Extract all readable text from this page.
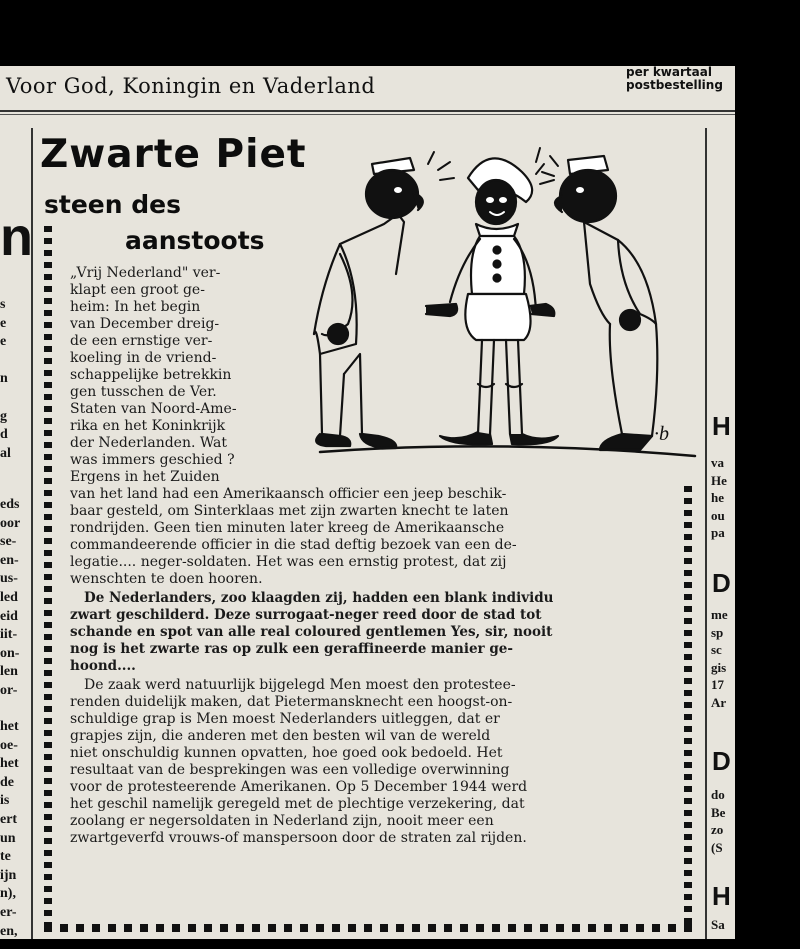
Voor God, Koningin en Vaderland
per kwartaal
postbestelling
n
s
e
e

n

g
d
al
eds
oor
se-
en-
us-
led
eid
iit-
on-
len
or-
het
oe-
het
de
is
ert
un
te
ijn
n),
er-
en,
H
va
He
he
ou
pa
D
me
sp
sc
gis
17
Ar
D
do
Be
zo
(S
H
Sa
Zwarte Piet
steen des
aanstoots
·b
„Vrij Nederland" ver-
klapt een groot ge-
heim: In het begin
van December dreig-
de een ernstige ver-
koeling in de vriend-
schappelijke betrekkin
gen tusschen de Ver.
Staten van Noord-Ame-
rika en het Koninkrijk
der Nederlanden. Wat
was immers geschied ?
Ergens in het Zuiden
van het land had een Amerikaansch officier een jeep beschik-
baar gesteld, om Sinterklaas met zijn zwarten knecht te laten
rondrijden. Geen tien minuten later kreeg de Amerikaansche
commandeerende officier in die stad deftig bezoek van een de-
legatie.... neger-soldaten. Het was een ernstig protest, dat zij
wenschten te doen hooren.
De Nederlanders, zoo klaagden zij, hadden een blank individu
zwart geschilderd. Deze surrogaat-neger reed door de stad tot
schande en spot van alle real coloured gentlemen Yes, sir, nooit
nog is het zwarte ras op zulk een geraffineerde manier ge-
hoond....
De zaak werd natuurlijk bijgelegd Men moest den protestee-
renden duidelijk maken, dat Pietermansknecht een hoogst-on-
schuldige grap is Men moest Nederlanders uitleggen, dat er
grapjes zijn, die anderen met den besten wil van de wereld
niet onschuldig kunnen opvatten, hoe goed ook bedoeld. Het
resultaat van de besprekingen was een volledige overwinning
voor de protesteerende Amerikanen. Op 5 December 1944 werd
het geschil namelijk geregeld met de plechtige verzekering, dat
zoolang er negersoldaten in Nederland zijn, nooit meer een
zwartgeverfd vrouws-of manspersoon door de straten zal rijden.
